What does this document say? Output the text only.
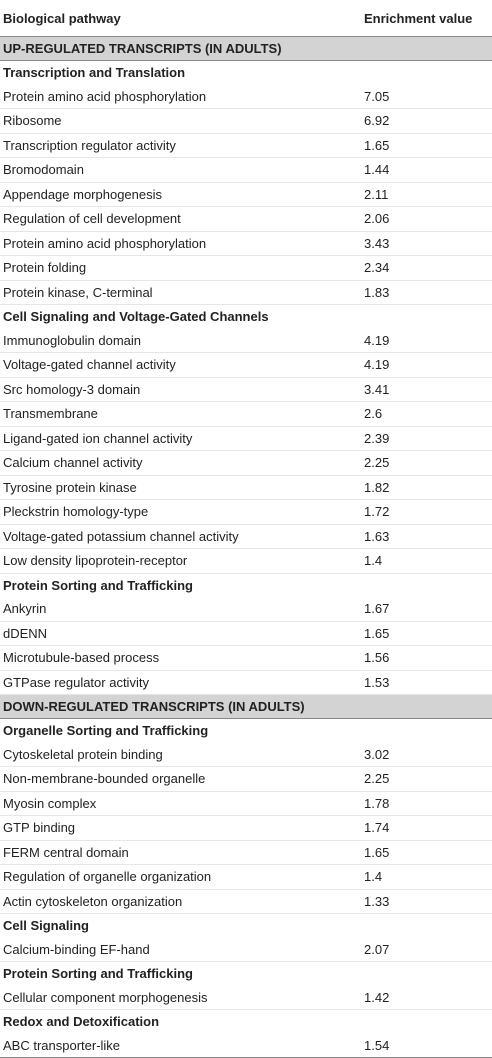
Biological pathway	Enrichment value
UP-REGULATED TRANSCRIPTS (IN ADULTS)	
Transcription and Translation	
Protein amino acid phosphorylation	7.05
Ribosome	6.92
Transcription regulator activity	1.65
Bromodomain	1.44
Appendage morphogenesis	2.11
Regulation of cell development	2.06
Protein amino acid phosphorylation	3.43
Protein folding	2.34
Protein kinase, C-terminal	1.83
Cell Signaling and Voltage-Gated Channels	
Immunoglobulin domain	4.19
Voltage-gated channel activity	4.19
Src homology-3 domain	3.41
Transmembrane	2.6
Ligand-gated ion channel activity	2.39
Calcium channel activity	2.25
Tyrosine protein kinase	1.82
Pleckstrin homology-type	1.72
Voltage-gated potassium channel activity	1.63
Low density lipoprotein-receptor	1.4
Protein Sorting and Trafficking	
Ankyrin	1.67
dDENN	1.65
Microtubule-based process	1.56
GTPase regulator activity	1.53
DOWN-REGULATED TRANSCRIPTS (IN ADULTS)	
Organelle Sorting and Trafficking	
Cytoskeletal protein binding	3.02
Non-membrane-bounded organelle	2.25
Myosin complex	1.78
GTP binding	1.74
FERM central domain	1.65
Regulation of organelle organization	1.4
Actin cytoskeleton organization	1.33
Cell Signaling	
Calcium-binding EF-hand	2.07
Protein Sorting and Trafficking	
Cellular component morphogenesis	1.42
Redox and Detoxification	
ABC transporter-like	1.54
